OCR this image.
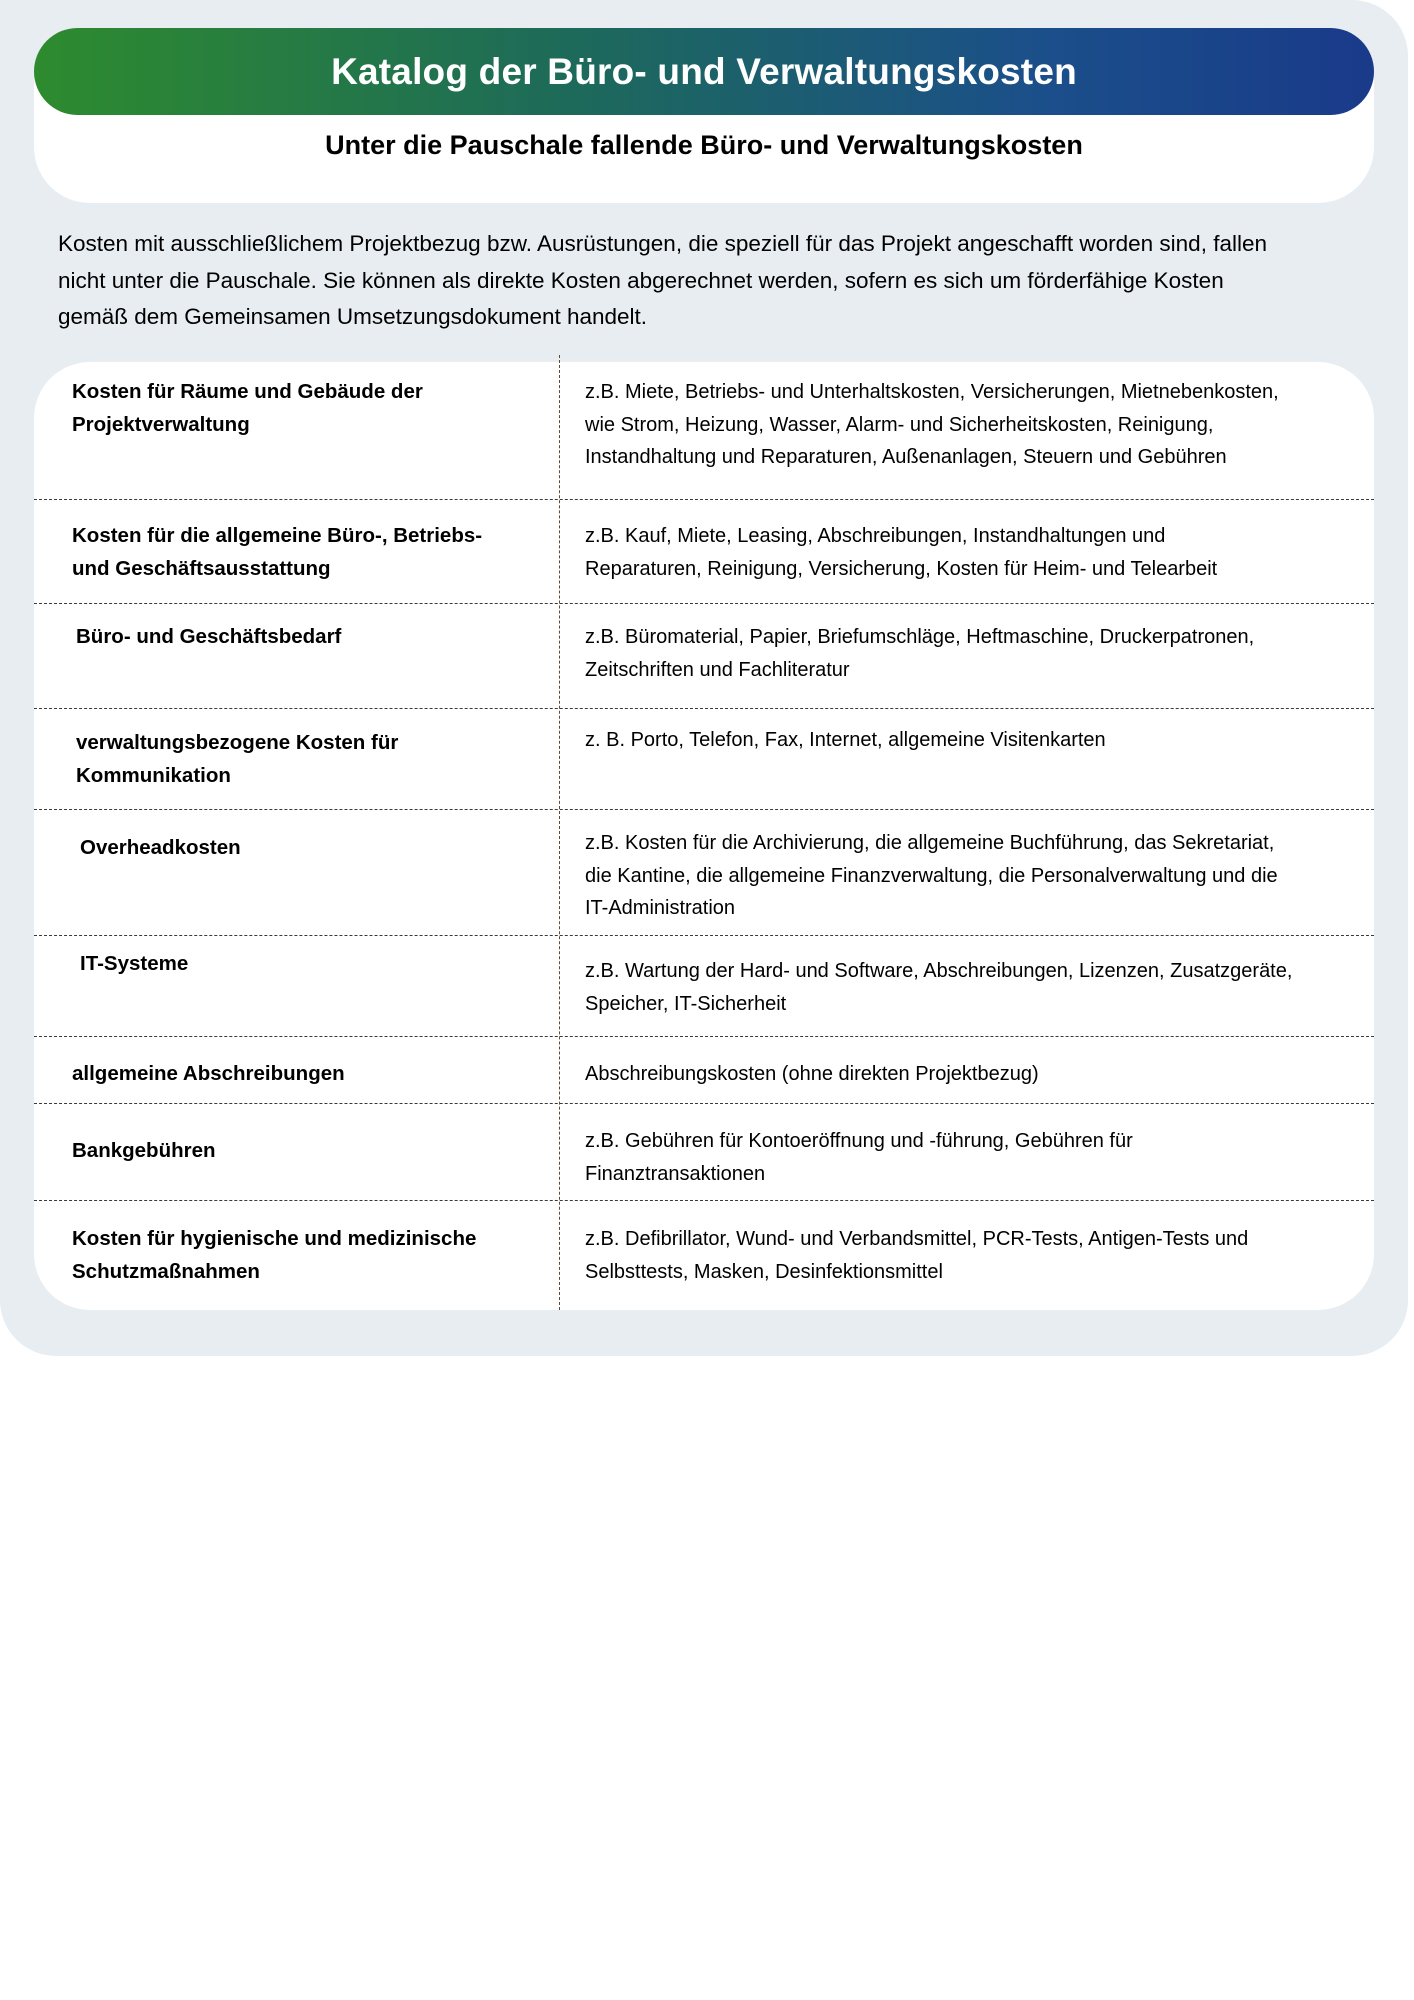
Katalog der Büro- und Verwaltungskosten
Unter die Pauschale fallende Büro- und Verwaltungskosten
Kosten mit ausschließlichem Projektbezug bzw. Ausrüstungen, die speziell für das Projekt angeschafft worden sind, fallen
nicht unter die Pauschale. Sie können als direkte Kosten abgerechnet werden, sofern es sich um förderfähige Kosten
gemäß dem Gemeinsamen Umsetzungsdokument handelt.
Kosten für Räume und Gebäude der
Projektverwaltung
z.B. Miete, Betriebs- und Unterhaltskosten, Versicherungen, Mietnebenkosten,
wie Strom, Heizung, Wasser, Alarm- und Sicherheitskosten, Reinigung,
Instandhaltung und Reparaturen, Außenanlagen, Steuern und Gebühren
Kosten für die allgemeine Büro-, Betriebs-
und Geschäftsausstattung
z.B. Kauf, Miete, Leasing, Abschreibungen, Instandhaltungen und
Reparaturen, Reinigung, Versicherung, Kosten für Heim- und Telearbeit
Büro- und Geschäftsbedarf	z.B. Büromaterial, Papier, Briefumschläge, Heftmaschine, Druckerpatronen,
Zeitschriften und Fachliteratur
verwaltungsbezogene Kosten für
Kommunikation
z. B. Porto, Telefon, Fax, Internet, allgemeine Visitenkarten
Overheadkosten	z.B. Kosten für die Archivierung, die allgemeine Buchführung, das Sekretariat,
die Kantine, die allgemeine Finanzverwaltung, die Personalverwaltung und die
IT-Administration
IT-Systeme	z.B. Wartung der Hard- und Software, Abschreibungen, Lizenzen, Zusatzgeräte,
Speicher, IT-Sicherheit
allgemeine Abschreibungen	Abschreibungskosten (ohne direkten Projektbezug)
Bankgebühren	z.B. Gebühren für Kontoeröffnung und -führung, Gebühren für
Finanztransaktionen
Kosten für hygienische und medizinische
Schutzmaßnahmen
z.B. Defibrillator, Wund- und Verbandsmittel, PCR-Tests, Antigen-Tests und
Selbsttests, Masken, Desinfektionsmittel
